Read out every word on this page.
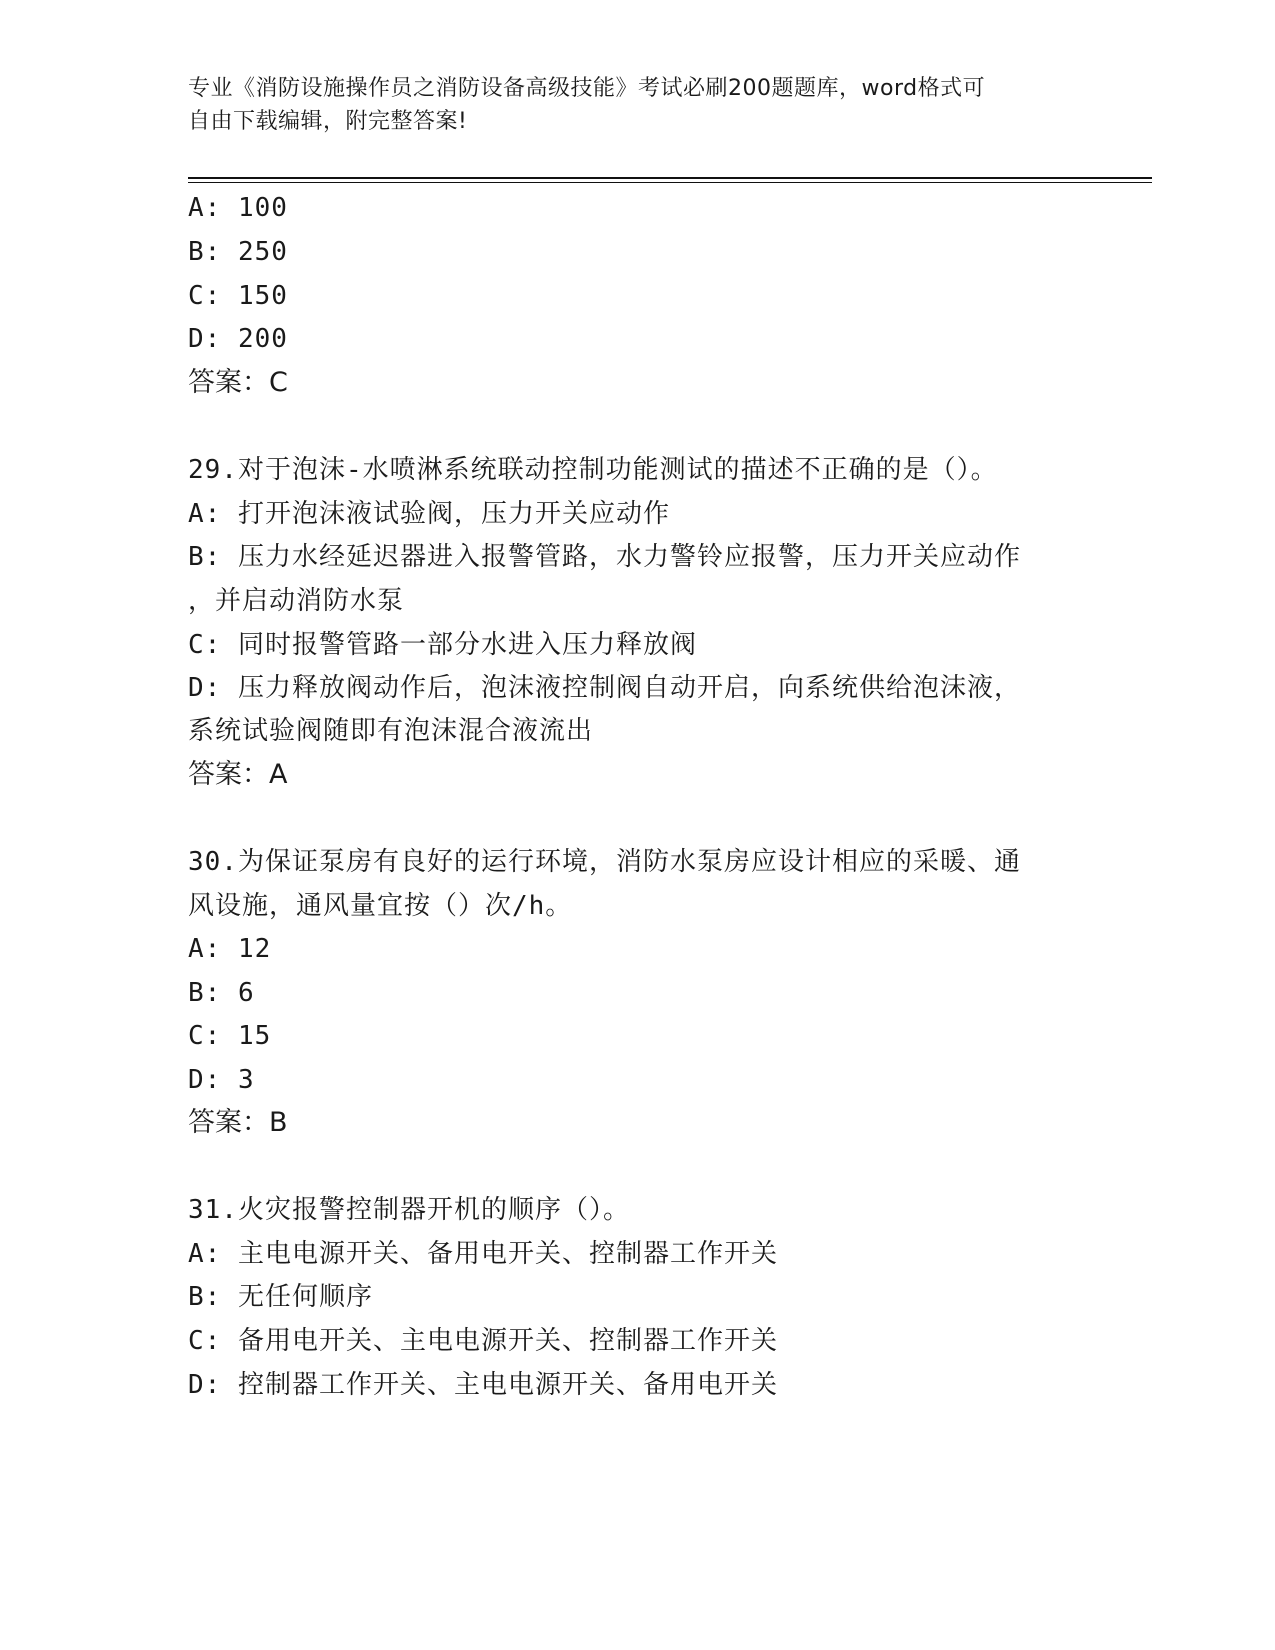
专业《消防设施操作员之消防设备高级技能》考试必刷200题题库，word格式可
自由下载编辑，附完整答案!
A: 100
B: 250
C: 150
D: 200
答案：C
29.对于泡沫-水喷淋系统联动控制功能测试的描述不正确的是（）。
A: 打开泡沫液试验阀，压力开关应动作
B: 压力水经延迟器进入报警管路，水力警铃应报警，压力开关应动作
，并启动消防水泵
C: 同时报警管路一部分水进入压力释放阀
D: 压力释放阀动作后，泡沫液控制阀自动开启，向系统供给泡沫液，
系统试验阀随即有泡沫混合液流出
答案：A
30.为保证泵房有良好的运行环境，消防水泵房应设计相应的采暖、通
风设施，通风量宜按（）次/h。
A: 12
B: 6
C: 15
D: 3
答案：B
31.火灾报警控制器开机的顺序（）。
A: 主电电源开关、备用电开关、控制器工作开关
B: 无任何顺序
C: 备用电开关、主电电源开关、控制器工作开关
D: 控制器工作开关、主电电源开关、备用电开关
